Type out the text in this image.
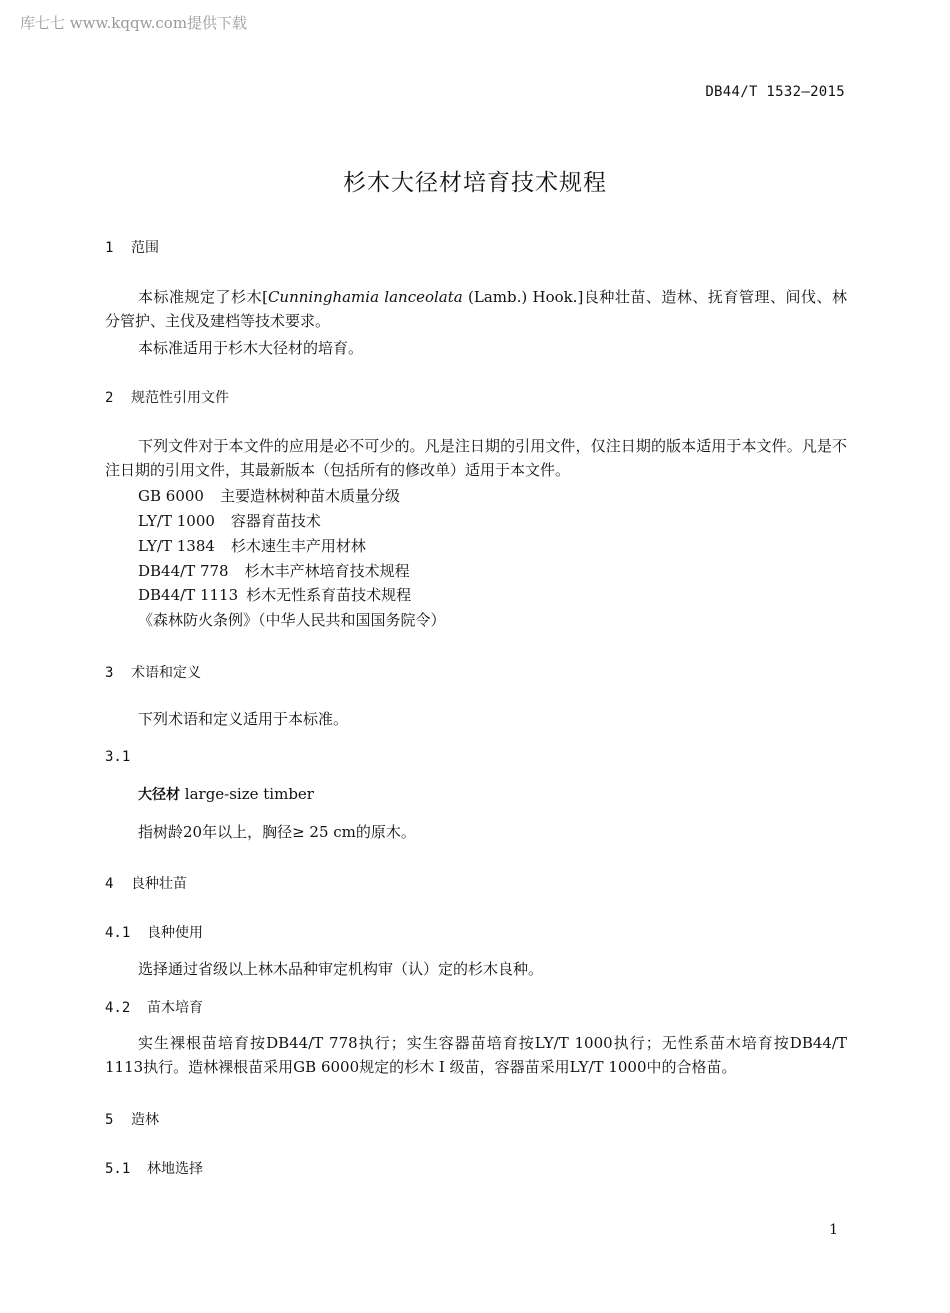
库七七 www.kqqw.com提供下载
DB44/T 1532—2015
杉木大径材培育技术规程
1 范围
本标准规定了杉木[Cunninghamia lanceolata (Lamb.) Hook.]良种壮苗、造林、抚育管理、间伐、林分管护、主伐及建档等技术要求。
本标准适用于杉木大径材的培育。
2 规范性引用文件
下列文件对于本文件的应用是必不可少的。凡是注日期的引用文件，仅注日期的版本适用于本文件。凡是不注日期的引用文件，其最新版本（包括所有的修改单）适用于本文件。
GB 6000 主要造林树种苗木质量分级
LY/T 1000 容器育苗技术
LY/T 1384 杉木速生丰产用材林
DB44/T 778 杉木丰产林培育技术规程
DB44/T 1113 杉木无性系育苗技术规程
《森林防火条例》（中华人民共和国国务院令）
3 术语和定义
下列术语和定义适用于本标准。
3.1
大径材 large-size timber
指树龄20年以上，胸径≥ 25 cm的原木。
4 良种壮苗
4.1 良种使用
选择通过省级以上林木品种审定机构审（认）定的杉木良种。
4.2 苗木培育
实生裸根苗培育按DB44/T 778执行；实生容器苗培育按LY/T 1000执行；无性系苗木培育按DB44/T 1113执行。造林裸根苗采用GB 6000规定的杉木 Ⅰ 级苗，容器苗采用LY/T 1000中的合格苗。
5 造林
5.1 林地选择
1
